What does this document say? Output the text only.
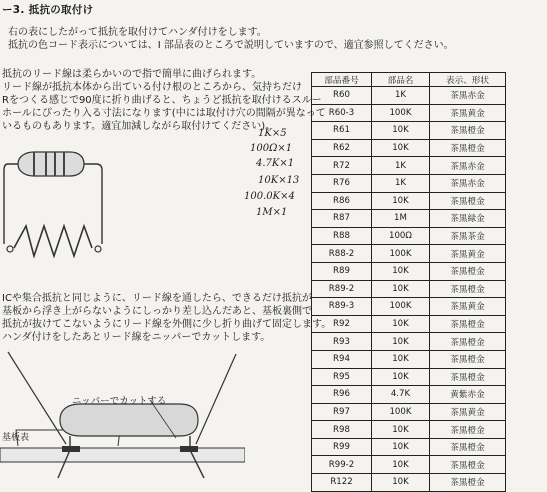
ー3. 抵抗の取付け
右の表にしたがって抵抗を取付けてハンダ付けをします。
抵抗の色コード表示については、I 部品表のところで説明していますので、適宜参照してください。
抵抗のリード線は柔らかいので指で簡単に曲げられます。
リード線が抵抗本体から出ている付け根のところから、気持ちだけ
Rをつくる感じで90度に折り曲げると、ちょうど抵抗を取付けるスルー
ホールにぴったり入る寸法になります(中には取付け穴の間隔が異なって
いるものもあります。適宜加減しながら取付けてください)。
1K×5
100Ω×1
4.7K×1
10K×13
100.0K×4
1M×1
ICや集合抵抗と同じように、リード線を通したら、できるだけ抵抗が
基板から浮き上がらないようにしっかり差し込んだあと、基板裏側で
抵抗が抜けてこないようにリード線を外側に少し折り曲げて固定します。
ハンダ付けをしたあとリード線をニッパーでカットします。
ニッパーでカットする
基板表
部品番号	部品名	表示、形状
R60	1K	茶黒赤金
R60-3	100K	茶黒黄金
R61	10K	茶黒橙金
R62	10K	茶黒橙金
R72	1K	茶黒赤金
R76	1K	茶黒赤金
R86	10K	茶黒橙金
R87	1M	茶黒緑金
R88	100Ω	茶黒茶金
R88-2	100K	茶黒黄金
R89	10K	茶黒橙金
R89-2	10K	茶黒橙金
R89-3	100K	茶黒黄金
R92	10K	茶黒橙金
R93	10K	茶黒橙金
R94	10K	茶黒橙金
R95	10K	茶黒橙金
R96	4.7K	黄紫赤金
R97	100K	茶黒黄金
R98	10K	茶黒橙金
R99	10K	茶黒橙金
R99-2	10K	茶黒橙金
R122	10K	茶黒橙金
